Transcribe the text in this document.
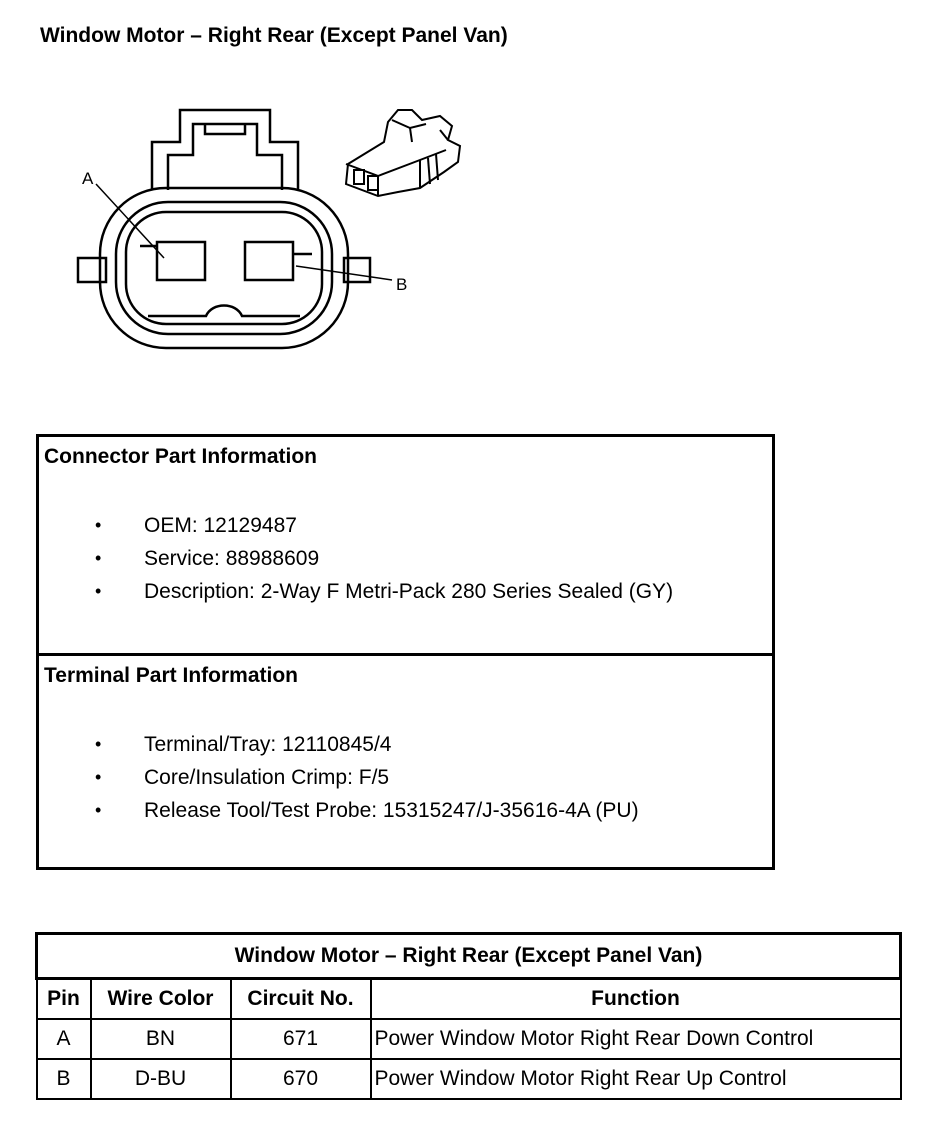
Window Motor – Right Rear (Except Panel Van)
A
B
Connector Part Information
• OEM: 12129487
• Service: 88988609
• Description: 2-Way F Metri-Pack 280 Series Sealed (GY)
Terminal Part Information
• Terminal/Tray: 12110845/4
• Core/Insulation Crimp: F/5
• Release Tool/Test Probe: 15315247/J-35616-4A (PU)
Window Motor – Right Rear (Except Panel Van)			
Pin	Wire Color	Circuit No.	Function
A	BN	671	Power Window Motor Right Rear Down Control
B	D-BU	670	Power Window Motor Right Rear Up Control
